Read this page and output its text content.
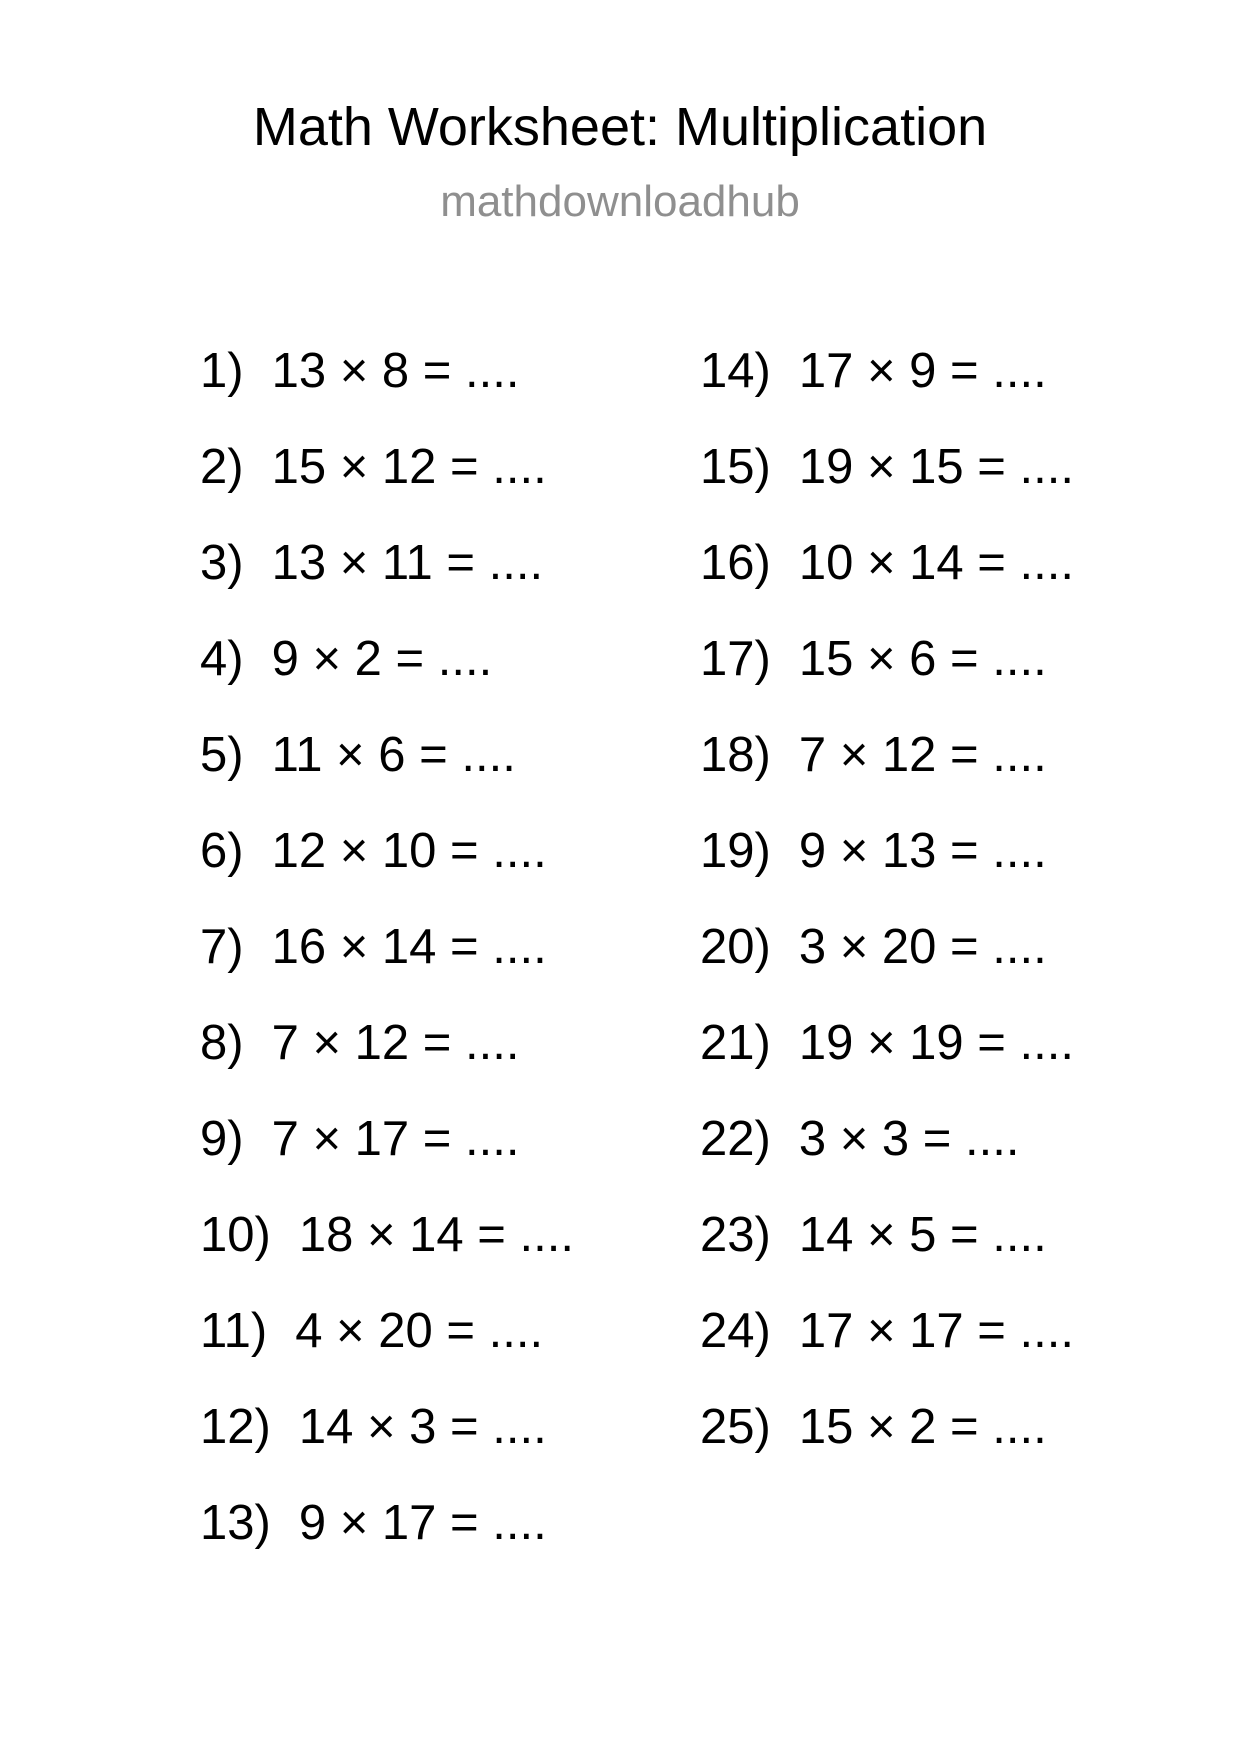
Math Worksheet: Multiplication
mathdownloadhub
1) 13 × 8 = ....
2) 15 × 12 = ....
3) 13 × 11 = ....
4) 9 × 2 = ....
5) 11 × 6 = ....
6) 12 × 10 = ....
7) 16 × 14 = ....
8) 7 × 12 = ....
9) 7 × 17 = ....
10) 18 × 14 = ....
11) 4 × 20 = ....
12) 14 × 3 = ....
13) 9 × 17 = ....
14) 17 × 9 = ....
15) 19 × 15 = ....
16) 10 × 14 = ....
17) 15 × 6 = ....
18) 7 × 12 = ....
19) 9 × 13 = ....
20) 3 × 20 = ....
21) 19 × 19 = ....
22) 3 × 3 = ....
23) 14 × 5 = ....
24) 17 × 17 = ....
25) 15 × 2 = ....
